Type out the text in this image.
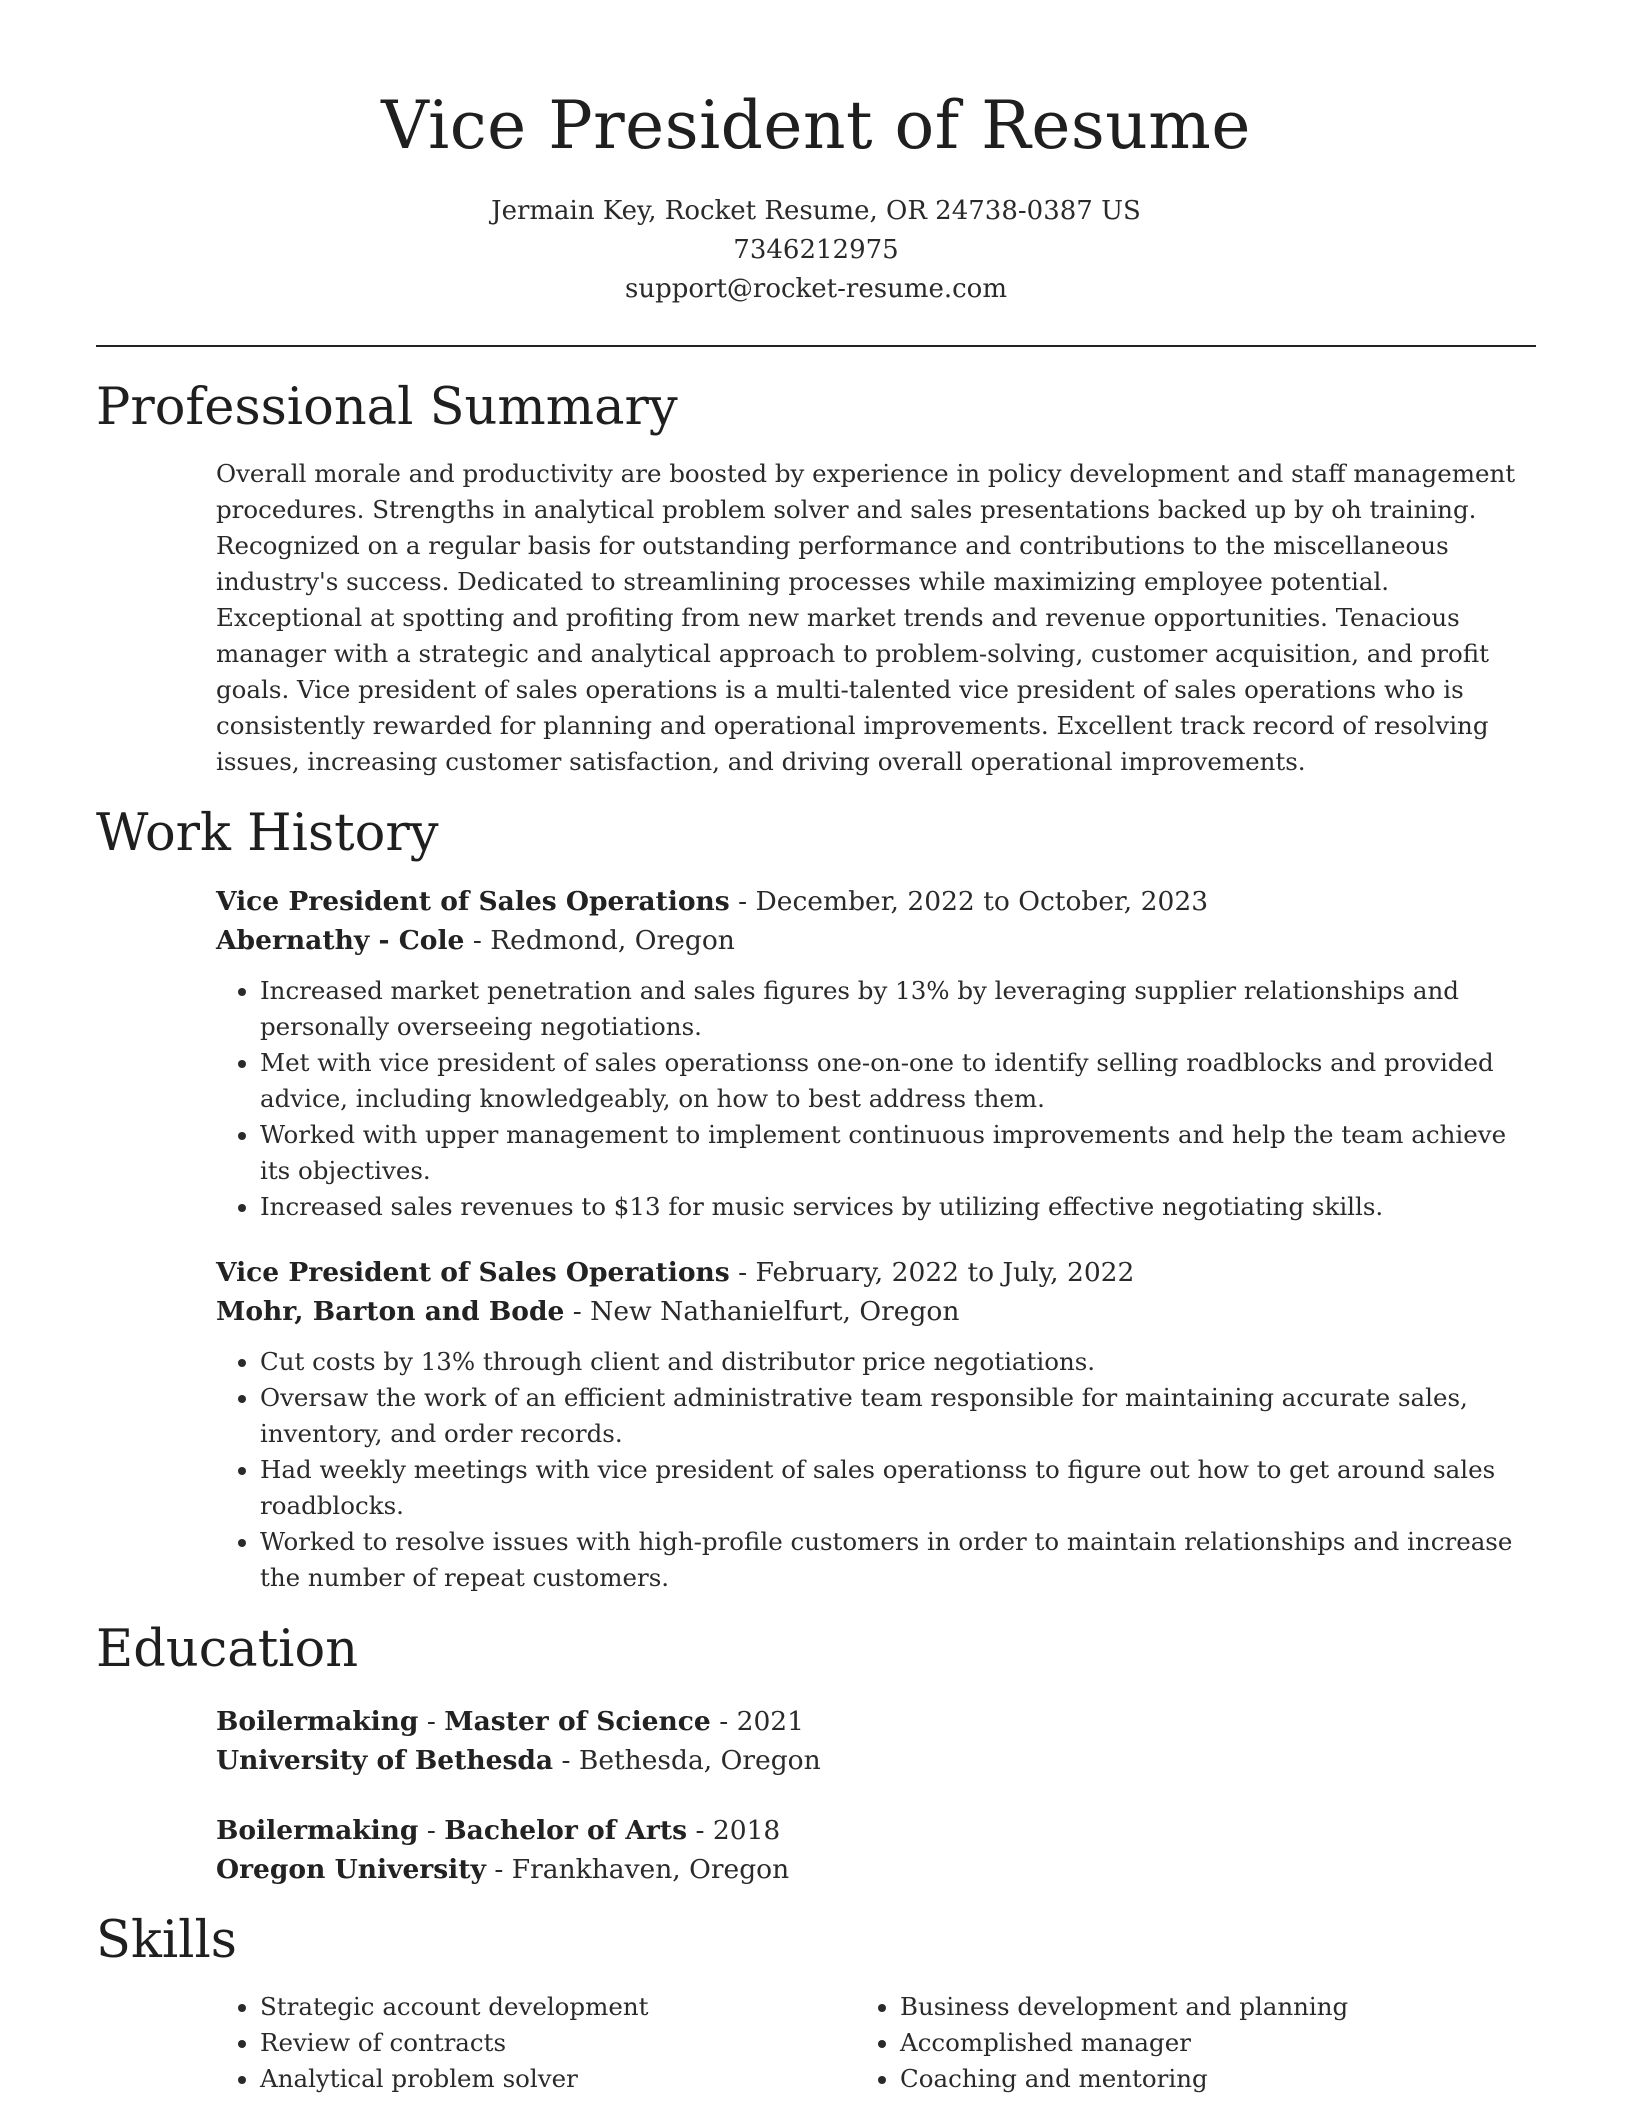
Vice President of Resume
Jermain Key, Rocket Resume, OR 24738-0387 US
7346212975
support@rocket-resume.com
Professional Summary
Overall morale and productivity are boosted by experience in policy development and staff management procedures. Strengths in analytical problem solver and sales presentations backed up by oh training. Recognized on a regular basis for outstanding performance and contributions to the miscellaneous industry's success. Dedicated to streamlining processes while maximizing employee potential. Exceptional at spotting and profiting from new market trends and revenue opportunities. Tenacious manager with a strategic and analytical approach to problem-solving, customer acquisition, and profit goals. Vice president of sales operations is a multi-talented vice president of sales operations who is consistently rewarded for planning and operational improvements. Excellent track record of resolving issues, increasing customer satisfaction, and driving overall operational improvements.
Work History
Vice President of Sales Operations - December, 2022 to October, 2023
Abernathy - Cole - Redmond, Oregon
• Increased market penetration and sales figures by 13% by leveraging supplier relationships and personally overseeing negotiations.
• Met with vice president of sales operationss one-on-one to identify selling roadblocks and provided advice, including knowledgeably, on how to best address them.
• Worked with upper management to implement continuous improvements and help the team achieve its objectives.
• Increased sales revenues to $13 for music services by utilizing effective negotiating skills.
Vice President of Sales Operations - February, 2022 to July, 2022
Mohr, Barton and Bode - New Nathanielfurt, Oregon
• Cut costs by 13% through client and distributor price negotiations.
• Oversaw the work of an efficient administrative team responsible for maintaining accurate sales, inventory, and order records.
• Had weekly meetings with vice president of sales operationss to figure out how to get around sales roadblocks.
• Worked to resolve issues with high-profile customers in order to maintain relationships and increase the number of repeat customers.
Education
Boilermaking - Master of Science - 2021
University of Bethesda - Bethesda, Oregon
Boilermaking - Bachelor of Arts - 2018
Oregon University - Frankhaven, Oregon
Skills
• Strategic account development
• Review of contracts
• Analytical problem solver
• Business development and planning
• Accomplished manager
• Coaching and mentoring
